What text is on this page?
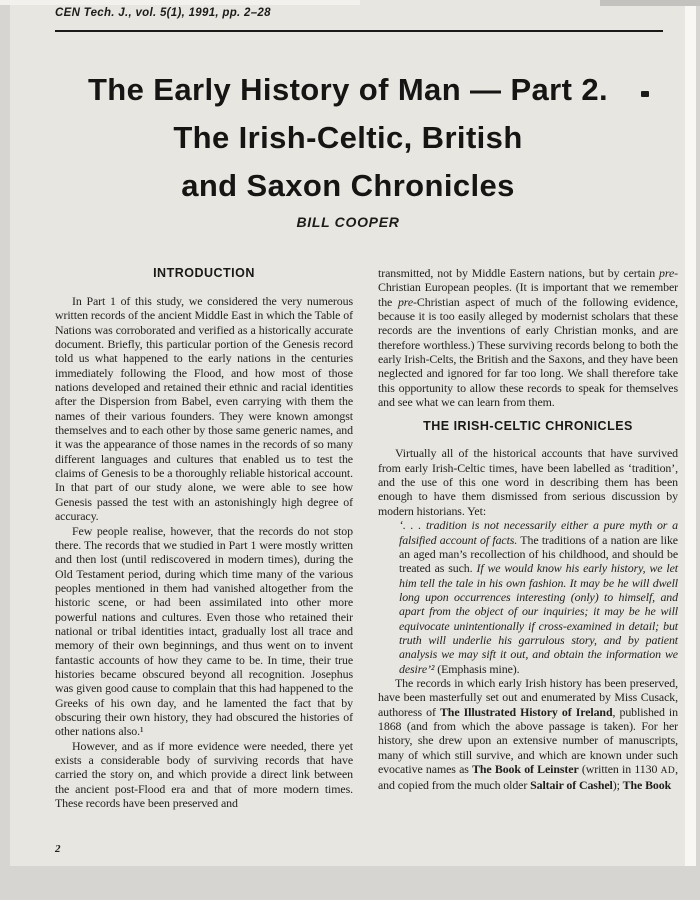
CEN Tech. J., vol. 5(1), 1991, pp. 2–28
The Early History of Man — Part 2.
The Irish-Celtic, British
and Saxon Chronicles
BILL COOPER
INTRODUCTION

In Part 1 of this study, we considered the very numerous written records of the ancient Middle East in which the Table of Nations was corroborated and verified as a historically accurate document. Briefly, this particular portion of the Genesis record told us what happened to the early nations in the centuries immediately following the Flood, and how most of those nations developed and retained their ethnic and racial identities after the Dispersion from Babel, even carrying with them the names of their various founders. They were known amongst themselves and to each other by those same generic names, and it was the appearance of those names in the records of so many different languages and cultures that enabled us to test the claims of Genesis to be a thoroughly reliable historical account. In that part of our study alone, we were able to see how Genesis passed the test with an astonishingly high degree of accuracy.

Few people realise, however, that the records do not stop there. The records that we studied in Part 1 were mostly written and then lost (until rediscovered in modern times), during the Old Testament period, during which time many of the various peoples mentioned in them had vanished altogether from the historic scene, or had been assimilated into other more powerful nations and cultures. Even those who retained their national or tribal identities intact, gradually lost all trace and memory of their own beginnings, and thus went on to invent fantastic accounts of how they came to be. In time, their true histories became obscured beyond all recognition. Josephus was given good cause to complain that this had happened to the Greeks of his own day, and he lamented the fact that by obscuring their own history, they had obscured the histories of other nations also.¹

However, and as if more evidence were needed, there yet exists a considerable body of surviving records that have carried the story on, and which provide a direct link between the ancient post-Flood era and that of more modern times. These records have been preserved and

transmitted, not by Middle Eastern nations, but by certain pre-Christian European peoples. (It is important that we remember the pre-Christian aspect of much of the following evidence, because it is too easily alleged by modernist scholars that these records are the inventions of early Christian monks, and are therefore worthless.) These surviving records belong to both the early Irish-Celts, the British and the Saxons, and they have been neglected and ignored for far too long. We shall therefore take this opportunity to allow these records to speak for themselves and see what we can learn from them.

THE IRISH-CELTIC CHRONICLES

Virtually all of the historical accounts that have survived from early Irish-Celtic times, have been labelled as ‘tradition’, and the use of this one word in describing them has been enough to have them dismissed from serious discussion by modern historians. Yet:

‘. . . tradition is not necessarily either a pure myth or a falsified account of facts. The traditions of a nation are like an aged man’s recollection of his childhood, and should be treated as such. If we would know his early history, we let him tell the tale in his own fashion. It may be he will dwell long upon occurrences interesting (only) to himself, and apart from the object of our inquiries; it may be he will equivocate unintentionally if cross-examined in detail; but truth will underlie his garrulous story, and by patient analysis we may sift it out, and obtain the information we desire’² (Emphasis mine).

The records in which early Irish history has been preserved, have been masterfully set out and enumerated by Miss Cusack, authoress of The Illustrated History of Ireland, published in 1868 (and from which the above passage is taken). For her history, she drew upon an extensive number of manuscripts, many of which still survive, and which are known under such evocative names as The Book of Leinster (written in 1130 AD, and copied from the much older Saltair of Cashel); The Book

2
